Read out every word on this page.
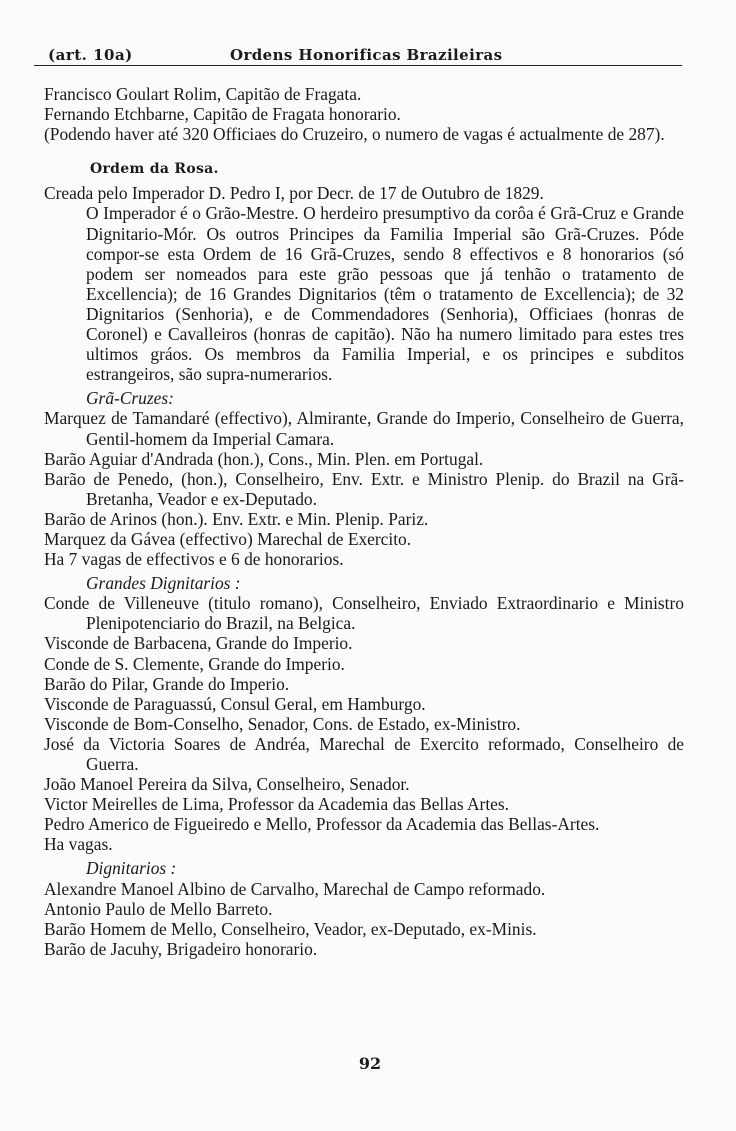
(art. 10a)	Ordens Honorificas Brazileiras

Francisco Goulart Rolim, Capitão de Fragata.

Fernando Etchbarne, Capitão de Fragata honorario.

(Podendo haver até 320 Officiaes do Cruzeiro, o numero de vagas é actualmente de 287).

Ordem da Rosa.

Creada pelo Imperador D. Pedro I, por Decr. de 17 de Outubro de 1829.

O Imperador é o Grão-Mestre. O herdeiro presumptivo da corôa é Grã-Cruz e Grande Dignitario-Mór. Os outros Principes da Familia Imperial são Grã-Cruzes. Póde compor-se esta Ordem de 16 Grã-Cruzes, sendo 8 effectivos e 8 honorarios (só podem ser nomeados para este grão pessoas que já tenhão o tratamento de Excellencia); de 16 Grandes Dignitarios (têm o tratamento de Excellencia); de 32 Dignitarios (Senhoria), e de Commendadores (Senhoria), Officiaes (honras de Coronel) e Cavalleiros (honras de capitão). Não ha numero limitado para estes tres ultimos gráos. Os membros da Familia Imperial, e os principes e subditos estrangeiros, são supra-numerarios.

Grã-Cruzes:

Marquez de Tamandaré (effectivo), Almirante, Grande do Imperio, Conselheiro de Guerra, Gentil-homem da Imperial Camara.

Barão Aguiar d'Andrada (hon.), Cons., Min. Plen. em Portugal.

Barão de Penedo, (hon.), Conselheiro, Env. Extr. e Ministro Plenip. do Brazil na Grã-Bretanha, Veador e ex-Deputado.

Barão de Arinos (hon.). Env. Extr. e Min. Plenip. Pariz.

Marquez da Gávea (effectivo) Marechal de Exercito.

Ha 7 vagas de effectivos e 6 de honorarios.

Grandes Dignitarios :

Conde de Villeneuve (titulo romano), Conselheiro, Enviado Extraordinario e Ministro Plenipotenciario do Brazil, na Belgica.

Visconde de Barbacena, Grande do Imperio.

Conde de S. Clemente, Grande do Imperio.

Barão do Pilar, Grande do Imperio.

Visconde de Paraguassú, Consul Geral, em Hamburgo.

Visconde de Bom-Conselho, Senador, Cons. de Estado, ex-Ministro.

José da Victoria Soares de Andréa, Marechal de Exercito reformado, Conselheiro de Guerra.

João Manoel Pereira da Silva, Conselheiro, Senador.

Victor Meirelles de Lima, Professor da Academia das Bellas Artes.

Pedro Americo de Figueiredo e Mello, Professor da Academia das Bellas-Artes.

Ha vagas.

Dignitarios :

Alexandre Manoel Albino de Carvalho, Marechal de Campo reformado.

Antonio Paulo de Mello Barreto.

Barão Homem de Mello, Conselheiro, Veador, ex-Deputado, ex-Minis.

Barão de Jacuhy, Brigadeiro honorario.

92
